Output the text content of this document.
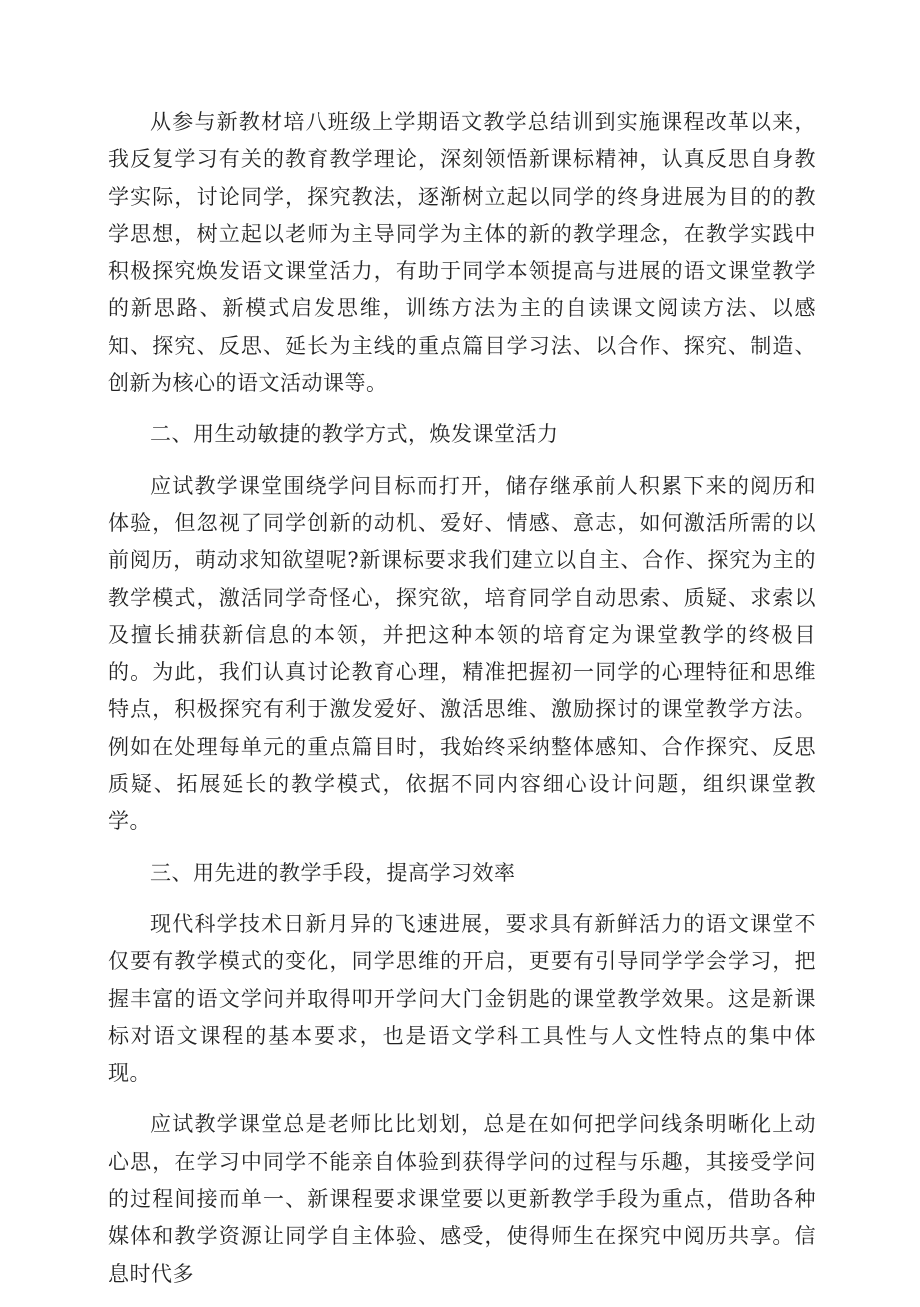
从参与新教材培八班级上学期语文教学总结训到实施课程改革以来，我反复学习有关的教育教学理论，深刻领悟新课标精神，认真反思自身教学实际，讨论同学，探究教法，逐渐树立起以同学的终身进展为目的的教学思想，树立起以老师为主导同学为主体的新的教学理念，在教学实践中积极探究焕发语文课堂活力，有助于同学本领提高与进展的语文课堂教学的新思路、新模式启发思维，训练方法为主的自读课文阅读方法、以感知、探究、反思、延长为主线的重点篇目学习法、以合作、探究、制造、创新为核心的语文活动课等。

二、用生动敏捷的教学方式，焕发课堂活力

应试教学课堂围绕学问目标而打开，储存继承前人积累下来的阅历和体验，但忽视了同学创新的动机、爱好、情感、意志，如何激活所需的以前阅历，萌动求知欲望呢?新课标要求我们建立以自主、合作、探究为主的教学模式，激活同学奇怪心，探究欲，培育同学自动思索、质疑、求索以及擅长捕获新信息的本领，并把这种本领的培育定为课堂教学的终极目的。为此，我们认真讨论教育心理，精准把握初一同学的心理特征和思维特点，积极探究有利于激发爱好、激活思维、激励探讨的课堂教学方法。例如在处理每单元的重点篇目时，我始终采纳整体感知、合作探究、反思质疑、拓展延长的教学模式，依据不同内容细心设计问题，组织课堂教学。

三、用先进的教学手段，提高学习效率

现代科学技术日新月异的飞速进展，要求具有新鲜活力的语文课堂不仅要有教学模式的变化，同学思维的开启，更要有引导同学学会学习，把握丰富的语文学问并取得叩开学问大门金钥匙的课堂教学效果。这是新课标对语文课程的基本要求，也是语文学科工具性与人文性特点的集中体现。

应试教学课堂总是老师比比划划，总是在如何把学问线条明晰化上动心思，在学习中同学不能亲自体验到获得学问的过程与乐趣，其接受学问的过程间接而单一、新课程要求课堂要以更新教学手段为重点，借助各种媒体和教学资源让同学自主体验、感受，使得师生在探究中阅历共享。信息时代多
